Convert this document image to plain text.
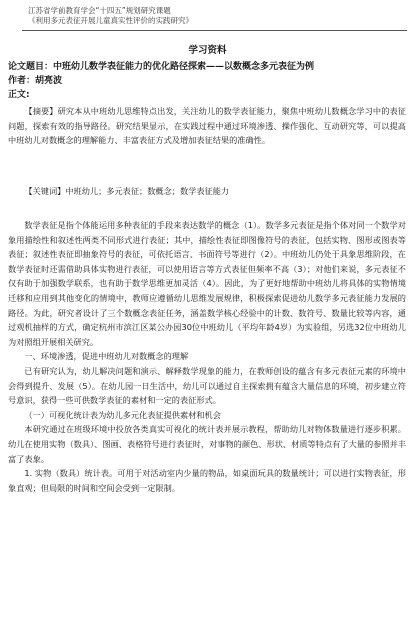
江苏省学前教育学会“十四五”规划研究课题
《利用多元表征开展儿童真实性评价的实践研究》
学习资料
论文题目：中班幼儿数学表征能力的优化路径探索——以数概念多元表征为例
作者：胡亮波
正文:

【摘要】研究本从中班幼儿思维特点出发，关注幼儿的数学表征能力，聚焦中班幼儿数概念学习中的表征问题，探索有效的指导路径。研究结果显示，在实践过程中通过环境渗透、操作强化、互动研究等，可以提高中班幼儿对数概念的理解能力、丰富表征方式及增加表征结果的准确性。

【关键词】中班幼儿；多元表征；数概念；数学表征能力

数学表征是指个体能运用多种表征的手段来表达数学的概念（1）。数学多元表征是指个体对同一个数学对象用描绘性和叙述性两类不同形式进行表征；其中，描绘性表征即图像符号的表征，包括实物、图形或图表等表征；叙述性表征即抽象符号的表征，可依托语言、书面符号等进行（2）。中班幼儿仍处于具象思维阶段，在数学表征时还需借助具体实物进行表征，可以使用语言等方式表征但频率不高（3）；对他们来说，多元表征不仅有助于加强数学联系，也有助于数学思维更加灵活（4）。因此，为了更好地帮助中班幼儿将具体的实物情境迁移和应用到其他变化的情境中，教师应遵循幼儿思维发展规律，积极探索促进幼儿数学多元表征能力发展的路径。为此，研究者设计了三个数概念表征任务，涵盖数学核心经验中的计数、数符号、数量比较等内容，通过观机抽样的方式，确定杭州市滨江区某公办园30位中班幼儿（平均年龄4岁）为实验组，另选32位中班幼儿为对照组开展相关研究。

一、环境渗透，促进中班幼儿对数概念的理解

已有研究认为，幼儿解决问题和演示、解释数学现象的能力，在教师创设的蕴含有多元表征元素的环境中会得到提升、发展（5）。在幼儿园一日生活中，幼儿可以通过自主探索拥有蕴含大量信息的环境，初步建立符号意识，获得一些可供数学表征的素材和一定的表征形式。

（一）可视化统计表为幼儿多元化表征提供素材和机会

本研究通过在班级环境中投放各类真实可视化的统计表并展示教程，帮助幼儿对物体数量进行逐步积累。幼儿在使用实物（数具）、图画、表格符号进行表征时，对事物的颜色、形状、材质等特点有了大量的参照并丰富了表象。

1. 实物（数具）统计表。可用于对活动室内少量的物品，如桌面玩具的数量统计；可以进行实物表征，形象直观；但局限的时间和空间会受到一定限制。
